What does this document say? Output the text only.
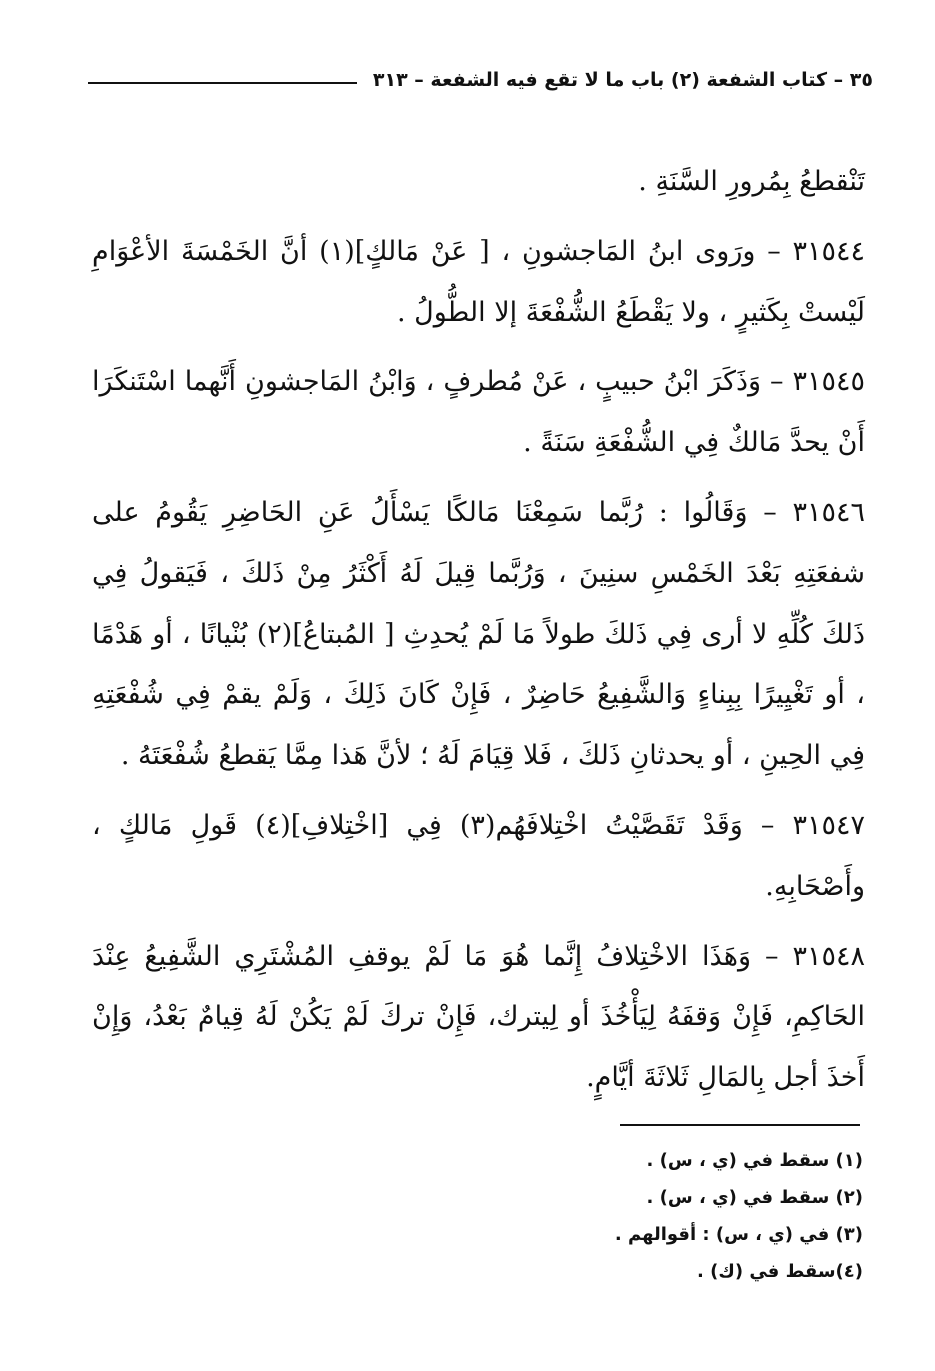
٣٥ – كتاب الشفعة (٢) باب ما لا تقع فيه الشفعة – ٣١٣

تَنْقطعُ بِمُرورِ السَّنَةِ .

٣١٥٤٤ – ورَوى ابنُ المَاجشونِ ، [ عَنْ مَالكٍ](١) أنَّ الخَمْسَةَ الأعْوَامِ لَيْستْ بِكَثيرٍ ، ولا يَقْطَعُ الشُّفْعَةَ إلا الطُّولُ .

٣١٥٤٥ – وَذَكَرَ ابْنُ حبيبٍ ، عَنْ مُطرفٍ ، وَابْنُ المَاجشونِ أَنَّهما اسْتَنكَرَا أَنْ يحدَّ مَالكٌ فِي الشُّفْعَةِ سَنَةً .

٣١٥٤٦ – وَقَالُوا : رُبَّما سَمِعْنَا مَالكًا يَسْأَلُ عَنِ الحَاضِرِ يَقُومُ على شفعَتِهِ بَعْدَ الخَمْسِ سنِينَ ، وَرُبَّما قِيلَ لَهُ أَكْثَرُ مِنْ ذَلكَ ، فَيَقولُ فِي ذَلكَ كُلِّهِ لا أرى فِي ذَلكَ طولاً مَا لَمْ يُحدِثِ [ المُبتاعُ](٢) بُنْيانًا ، أو هَدْمًا ، أو تَغْيِيرًا بِبِناءٍ وَالشَّفِيعُ حَاضِرٌ ، فَإِنْ كَانَ ذَلِكَ ، وَلَمْ يقمْ فِي شُفْعَتِهِ فِي الحِينِ ، أو يحدثانِ ذَلكَ ، فَلا قِيَامَ لَهُ ؛ لأنَّ هَذا مِمَّا يَقطعُ شُفْعَتَهُ .

٣١٥٤٧ – وَقَدْ تَقَصَّيْتُ اخْتِلافَهُم(٣) فِي [اخْتِلافِ](٤) قَولِ مَالكٍ ، وأَصْحَابِهِ.

٣١٥٤٨ – وَهَذَا الاخْتِلافُ إِنَّما هُوَ مَا لَمْ يوقفِ المُشْتَرِي الشَّفِيعُ عِنْدَ الحَاكِمِ، فَإِنْ وَقفَهُ لِيَأْخُذَ أو لِيترك، فَإِنْ تركَ لَمْ يَكُنْ لَهُ قِيامٌ بَعْدُ، وَإِنْ أَخذَ أجل بِالمَالِ ثَلاثَةَ أيَّامٍ.

(١) سقط في (ي ، س) .
(٢) سقط في (ي ، س) .
(٣) في (ي ، س) : أقوالهم .
(٤)سقط في (ك) .
